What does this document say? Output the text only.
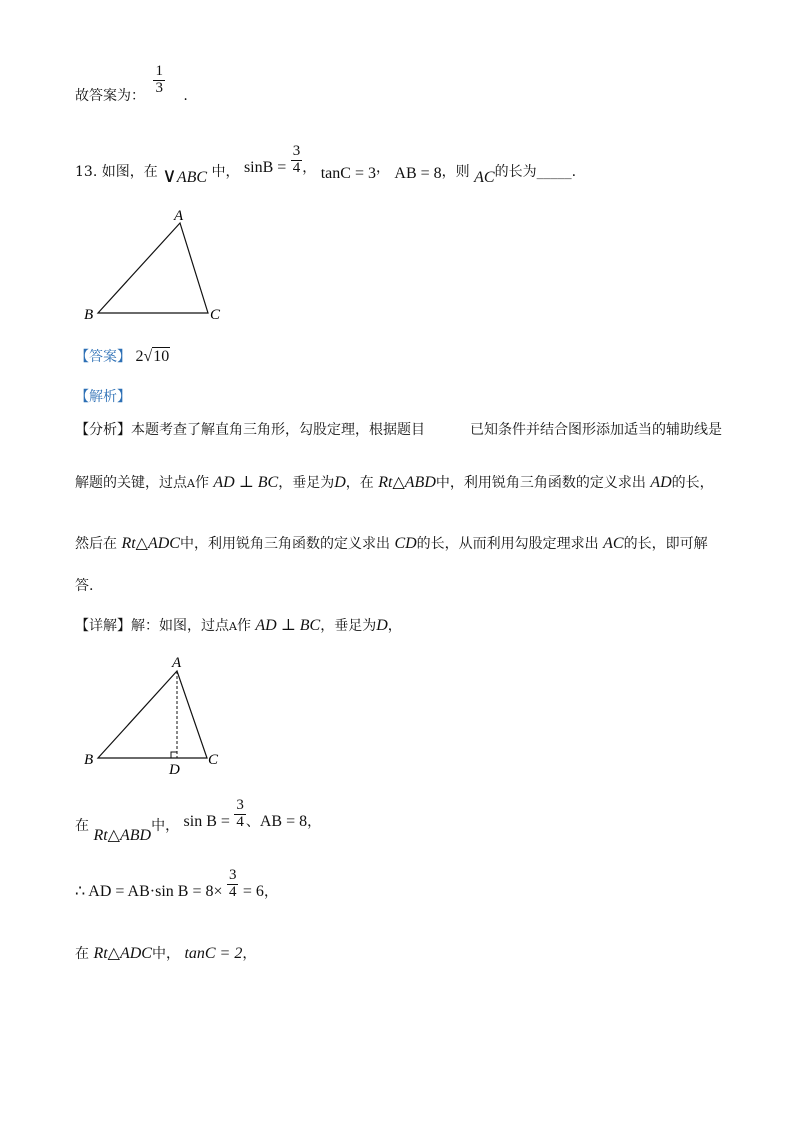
故答案为： $\frac{1}{3}$ .
13. 如图，在 ∨ABC 中， $\sin B = \frac{3}{4}$ ， tanC = 3， AB = 8，则 AC的长为_____.
A
B	C
【答案】 2√10
【解析】
【分析】本题考查了解直角三角形，勾股定理，根据题目	已知条件并结合图形添加适当的辅助线是
解题的关键，过点A作 AD ⊥ BC，垂足为D，在 Rt△ABD中，利用锐角三角函数的定义求出 AD的长，
然后在 Rt△ADC中，利用锐角三角函数的定义求出 CD的长，从而利用勾股定理求出 AC的长，即可解
答.
【详解】解：如图，过点A作 AD ⊥ BC，垂足为D，
A
B	C
D
在 Rt△ABD中， $\sin B = \frac{3}{4}$ 、AB = 8，
∴ AD = AB·sin $B = 8\times \frac{3}{4} = 6$，
在 Rt△ADC中， tanC = 2，
